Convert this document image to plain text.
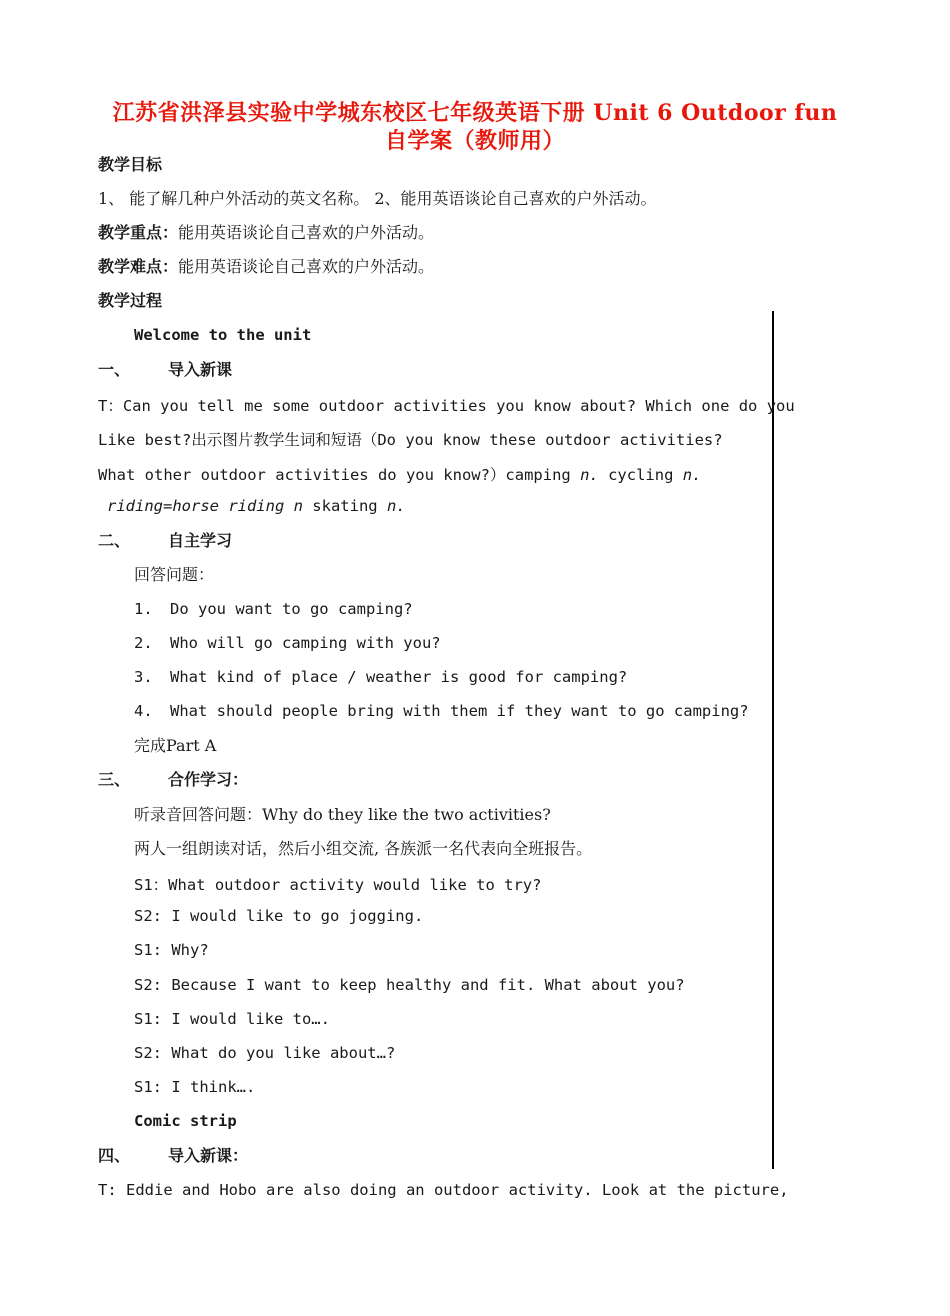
江苏省洪泽县实验中学城东校区七年级英语下册 Unit 6 Outdoor fun
自学案（教师用）
教学目标
1、 能了解几种户外活动的英文名称。 2、能用英语谈论自己喜欢的户外活动。
教学重点：能用英语谈论自己喜欢的户外活动。
教学难点：能用英语谈论自己喜欢的户外活动。
教学过程
Welcome to the unit
一、 导入新课
T：Can you tell me some outdoor activities you know about? Which one do you
Like best?出示图片教学生词和短语（Do you know these outdoor activities?
What other outdoor activities do you know?）camping n. cycling n.
riding=horse riding n skating n.
二、 自主学习
回答问题：
1. Do you want to go camping?
2. Who will go camping with you?
3. What kind of place / weather is good for camping?
4. What should people bring with them if they want to go camping?
完成Part A
三、 合作学习：
听录音回答问题：Why do they like the two activities?
两人一组朗读对话，然后小组交流, 各族派一名代表向全班报告。
S1：What outdoor activity would like to try?
S2: I would like to go jogging.
S1: Why?
S2: Because I want to keep healthy and fit. What about you?
S1: I would like to….
S2: What do you like about…?
S1: I think….
Comic strip
四、 导入新课：
T: Eddie and Hobo are also doing an outdoor activity. Look at the picture,
